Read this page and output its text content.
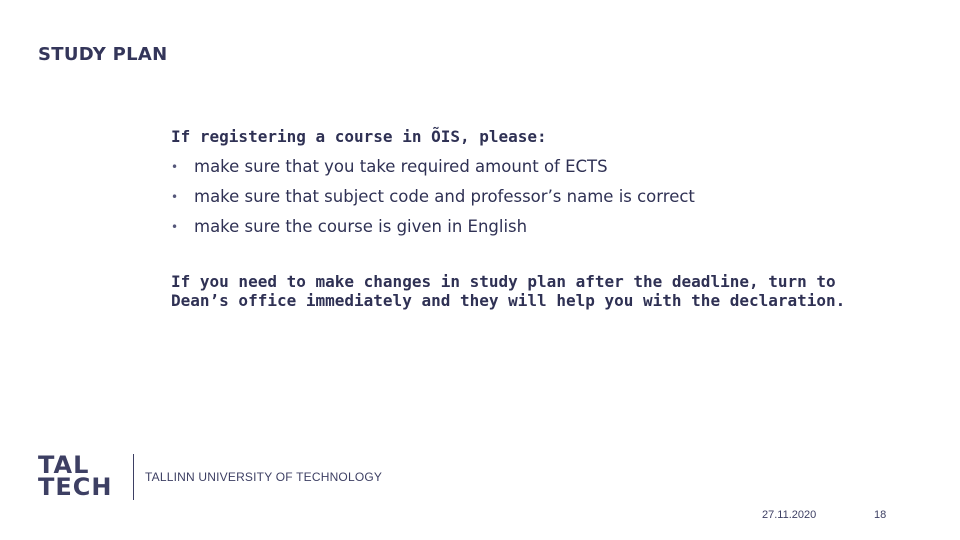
STUDY PLAN

If registering a course in ÕIS, please:

• make sure that you take required amount of ECTS
• make sure that subject code and professor’s name is correct
• make sure the course is given in English
If you need to make changes in study plan after the deadline, turn to Dean’s office immediately and they will help you with the declaration.
TAL
TECH	TALLINN UNIVERSITY OF TECHNOLOGY
27.11.2020	18
